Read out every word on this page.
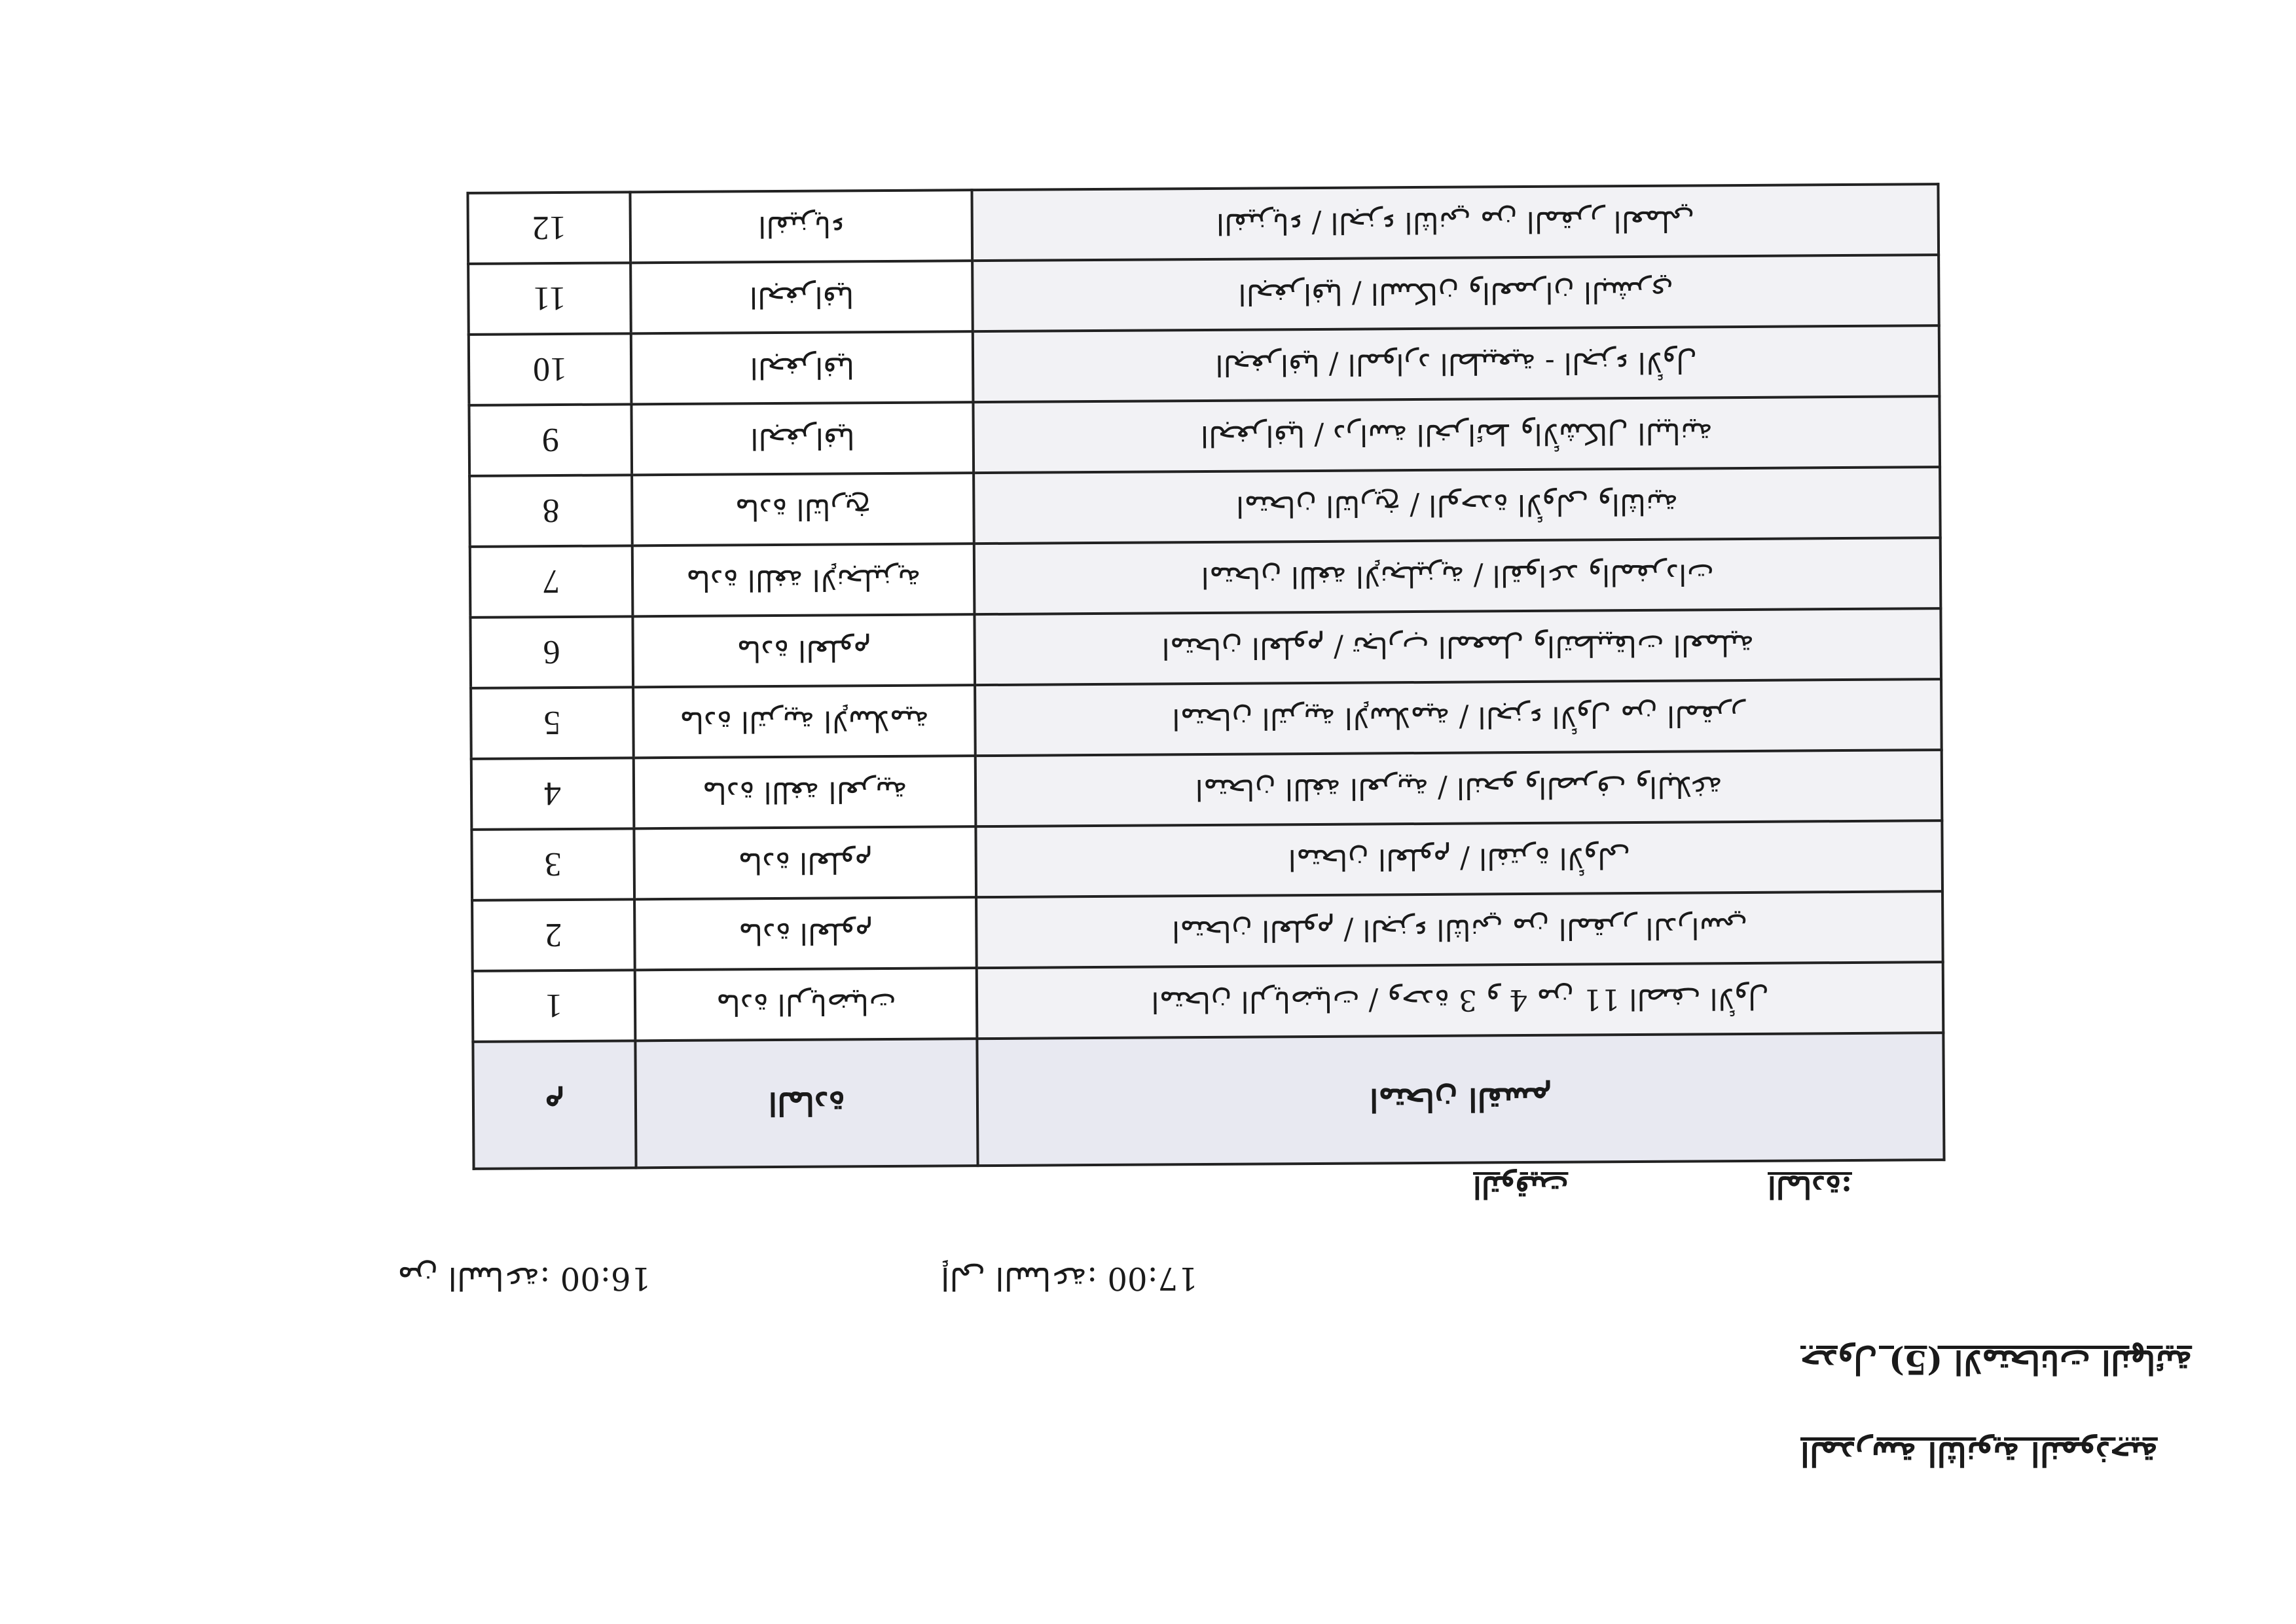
المدرسة الثانوية النموذجية
جدول (5) الامتحانات النهائية
من الساعة: 16:00	إلى الساعة: 17:00
التوقيت	المادة:
م	المادة	امتحان القسم
1	مادة الرياضيات	امتحان الرياضيات / وحدة 3 و 4 من 11 الصف الأول
2	مادة العلوم	امتحان العلوم / الجزء الثاني من المقرر الدراسي
3	مادة العلوم	امتحان العلوم / الفترة الأولى
4	مادة اللغة العربية	امتحان اللغة العربية / النحو والصرف والبلاغة
5	مادة التربية الإسلامية	امتحان التربية الإسلامية / الجزء الأول من المقرر
6	مادة العلوم	امتحان العلوم / تجارب المعمل والتطبيقات العملية
7	مادة اللغة الإنجليزية	امتحان اللغة الإنجليزية / القواعد والمفردات
8	مادة التاريخ	امتحان التاريخ / الوحدة الأولى والثانية
9	الجغرافيا	الجغرافيا / دراسة الخرائط والأشكال البيانية
10	الجغرافيا	الجغرافيا / الموارد الطبيعية - الجزء الأول
11	الجغرافيا	الجغرافيا / السكان والعمران البشري
12	الفيزياء	الفيزياء / الجزء الثاني من المقرر العملي
